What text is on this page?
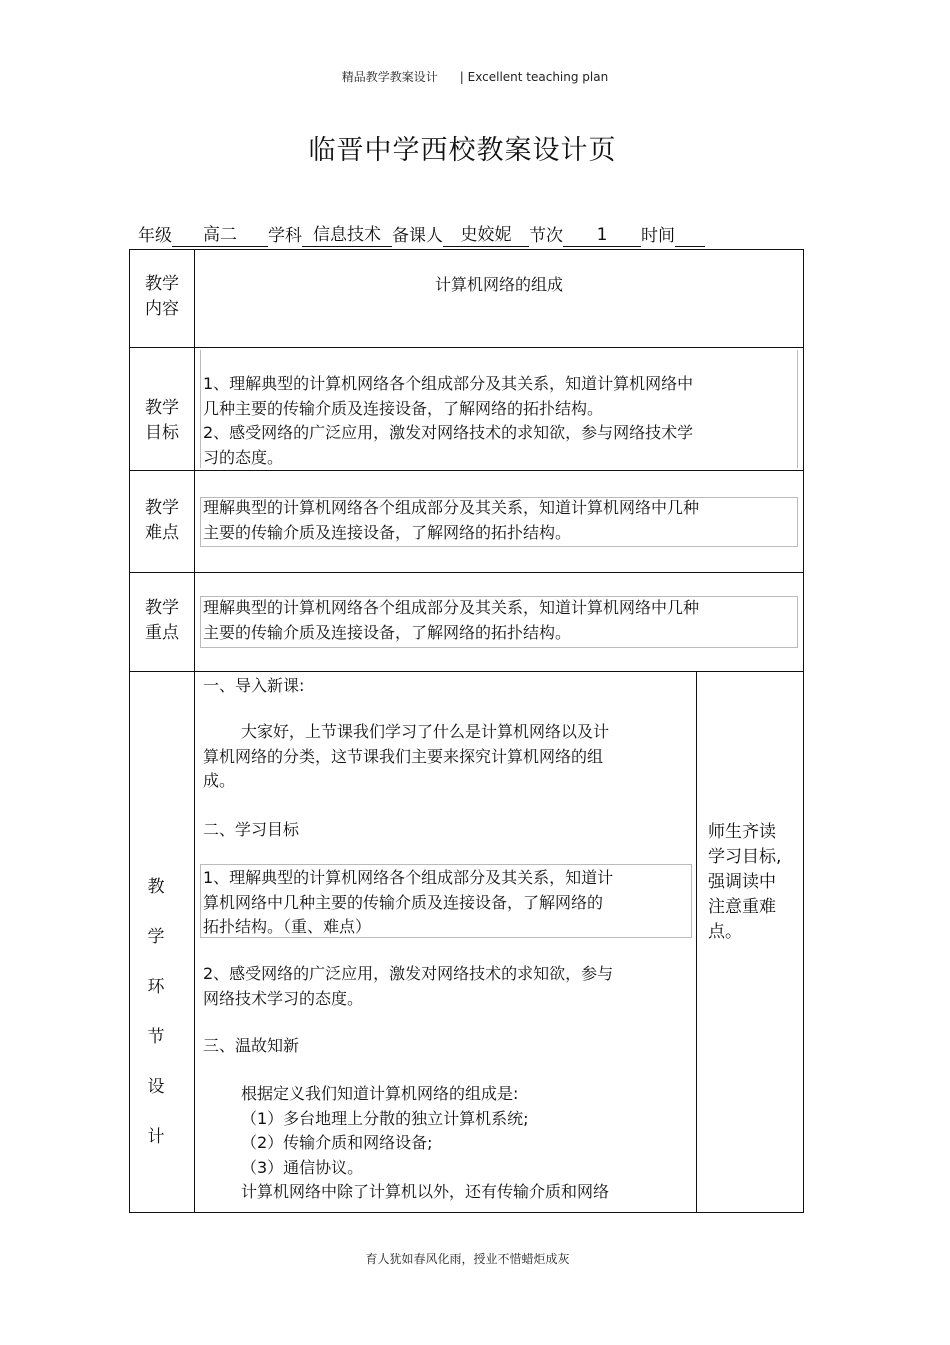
精品教学教案设计 | Excellent teaching plan
临晋中学西校教案设计页
年级 高二 学科 信息技术 备课人 史姣妮 节次 1 时间
教学
内容
计算机网络的组成
教学
目标
1、理解典型的计算机网络各个组成部分及其关系，知道计算机网络中
几种主要的传输介质及连接设备，了解网络的拓扑结构。
2、感受网络的广泛应用，激发对网络技术的求知欲，参与网络技术学
习的态度。
教学
难点
理解典型的计算机网络各个组成部分及其关系，知道计算机网络中几种
主要的传输介质及连接设备，了解网络的拓扑结构。
教学
重点
理解典型的计算机网络各个组成部分及其关系，知道计算机网络中几种
主要的传输介质及连接设备，了解网络的拓扑结构。
教
学
环
节
设
计
一、导入新课:
大家好，上节课我们学习了什么是计算机网络以及计
算机网络的分类，这节课我们主要来探究计算机网络的组
成。
二、学习目标
1、理解典型的计算机网络各个组成部分及其关系，知道计
算机网络中几种主要的传输介质及连接设备，了解网络的
拓扑结构。（重、难点）
2、感受网络的广泛应用，激发对网络技术的求知欲，参与
网络技术学习的态度。
三、温故知新
根据定义我们知道计算机网络的组成是:
（1）多台地理上分散的独立计算机系统;
（2）传输介质和网络设备;
（3）通信协议。
计算机网络中除了计算机以外，还有传输介质和网络
师生齐读
学习目标,
强调读中
注意重难
点。
育人犹如春风化雨，授业不惜蜡炬成灰
